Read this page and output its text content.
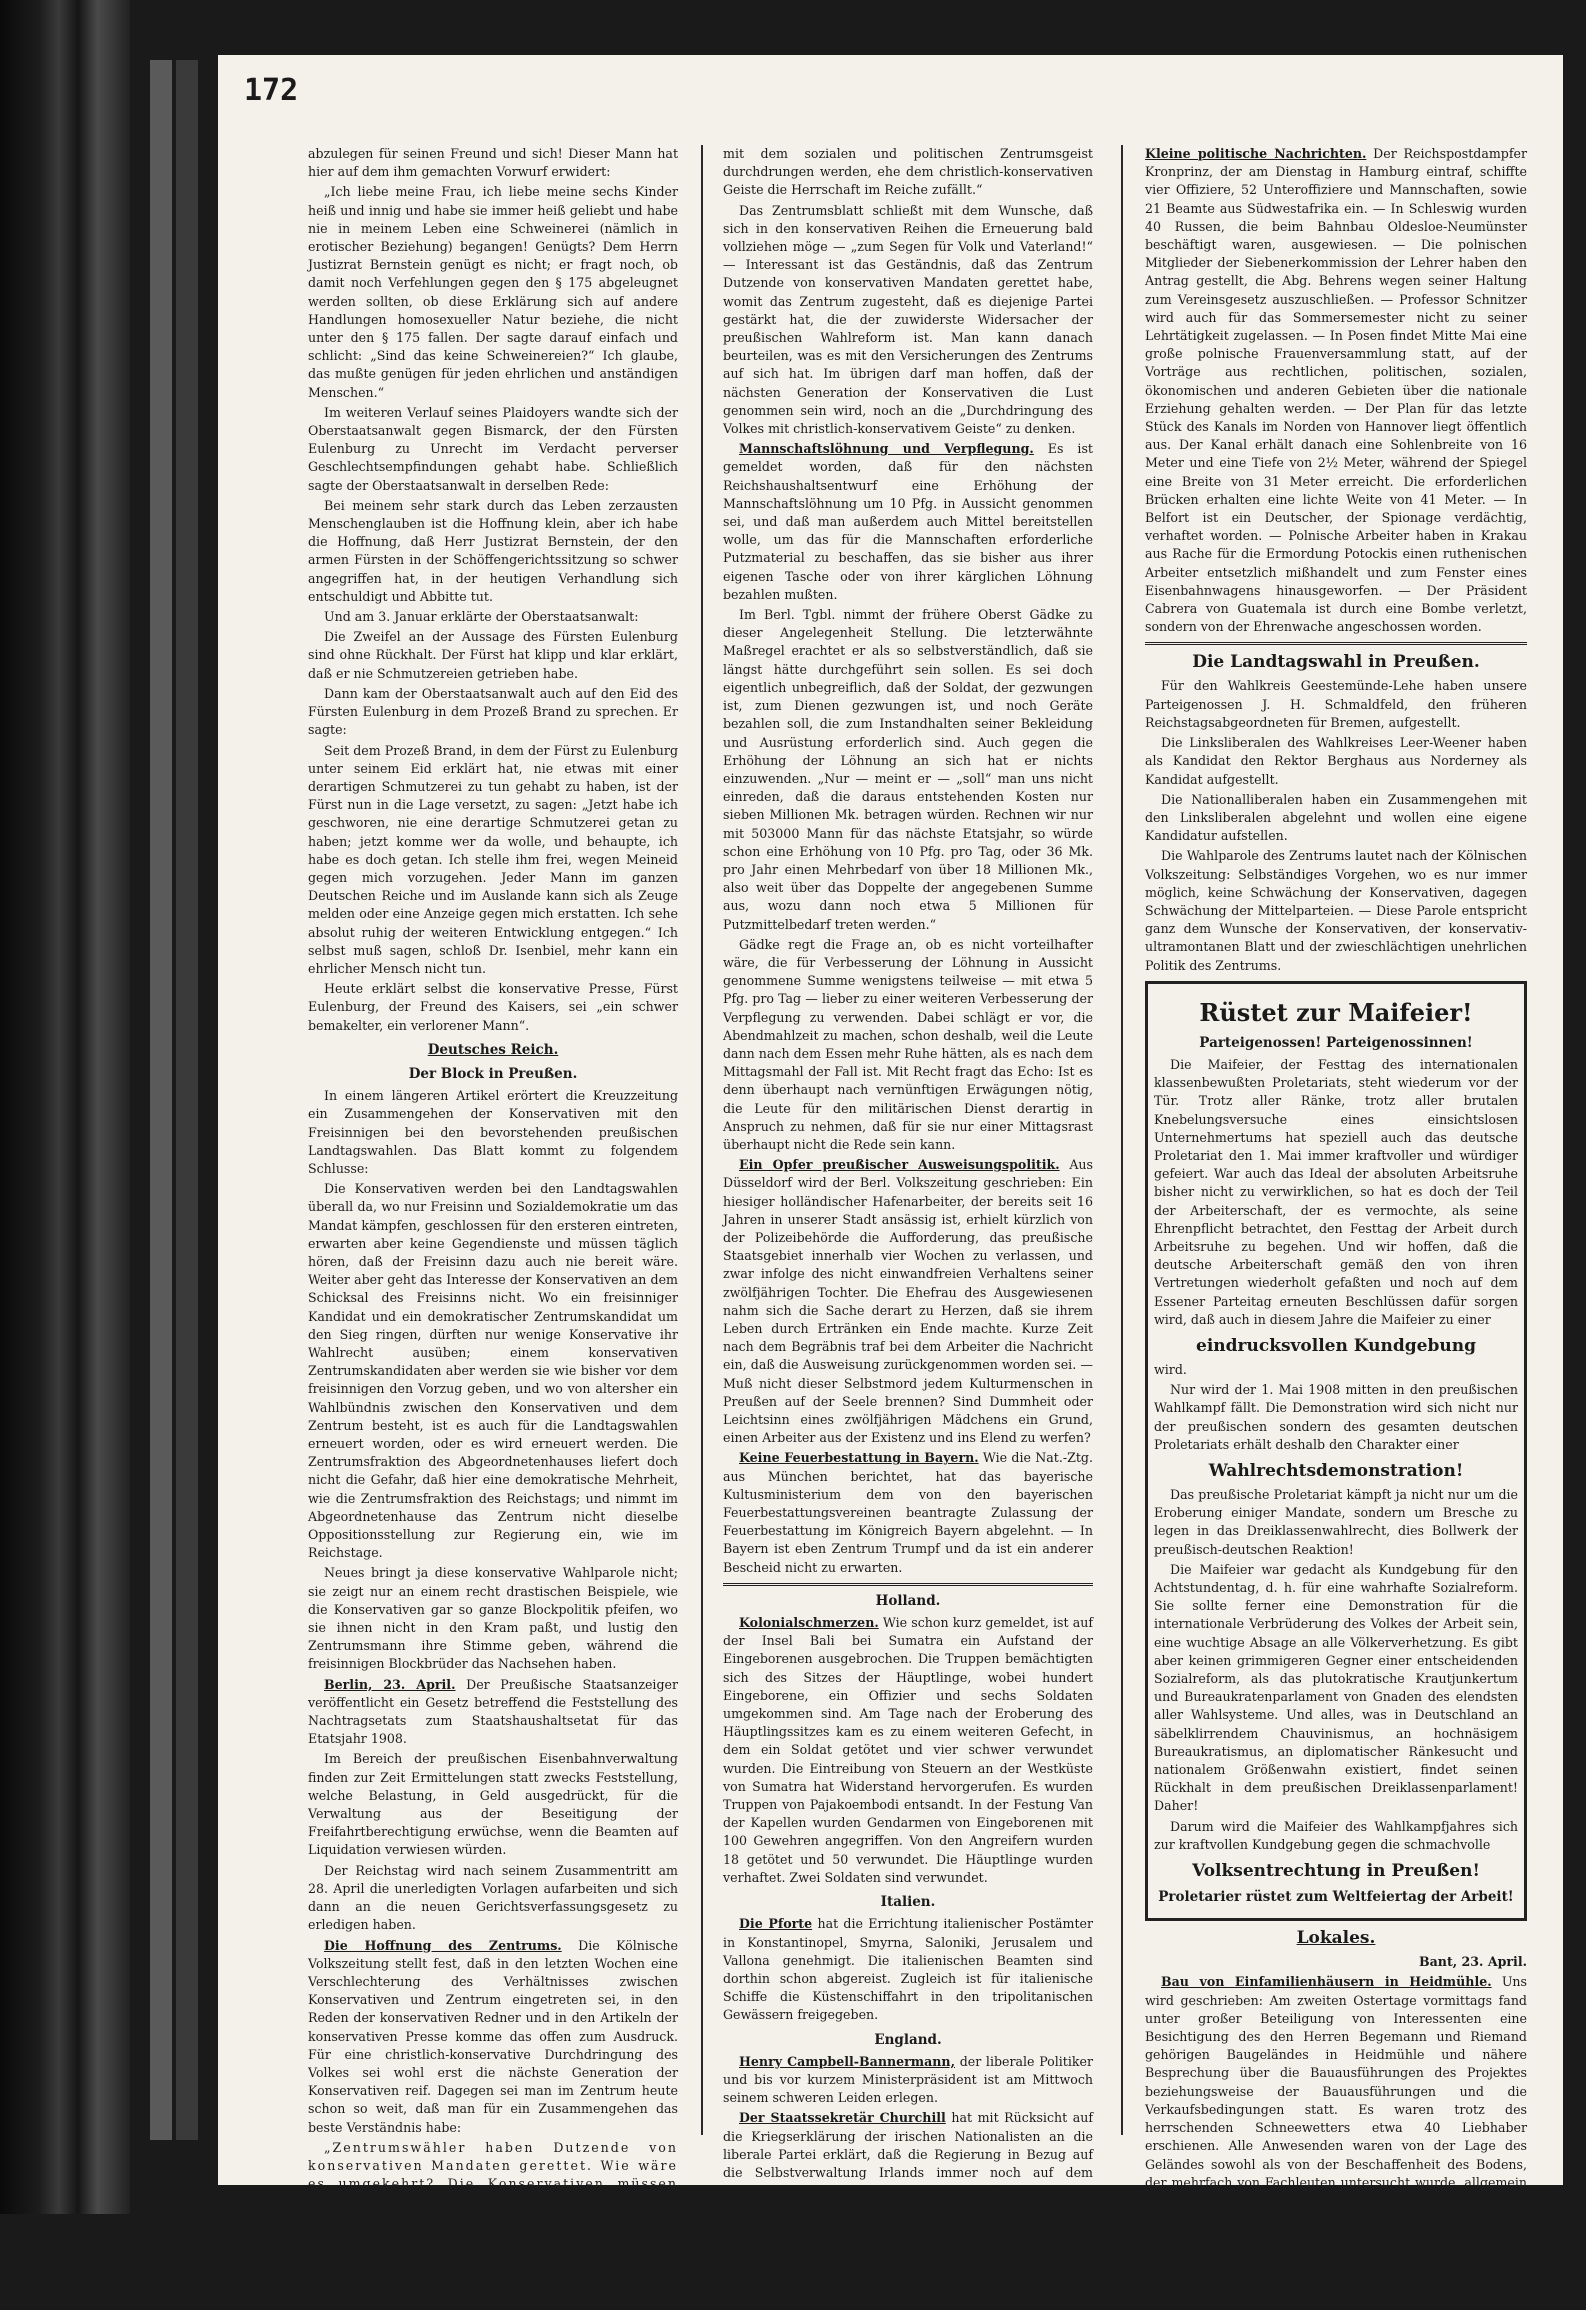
172

abzulegen für seinen Freund und sich! Dieser Mann hat hier auf dem ihm gemachten Vorwurf erwidert:

„Ich liebe meine Frau, ich liebe meine sechs Kinder heiß und innig und habe sie immer heiß geliebt und habe nie in meinem Leben eine Schweinerei (nämlich in erotischer Beziehung) begangen! Genügts? Dem Herrn Justizrat Bernstein genügt es nicht; er fragt noch, ob damit noch Verfehlungen gegen den § 175 abgeleugnet werden sollten, ob diese Erklärung sich auf andere Handlungen homosexueller Natur beziehe, die nicht unter den § 175 fallen. Der sagte darauf einfach und schlicht: „Sind das keine Schweinereien?“ Ich glaube, das mußte genügen für jeden ehrlichen und anständigen Menschen.“

Im weiteren Verlauf seines Plaidoyers wandte sich der Oberstaatsanwalt gegen Bismarck, der den Fürsten Eulenburg zu Unrecht im Verdacht perverser Geschlechtsempfindungen gehabt habe. Schließlich sagte der Oberstaatsanwalt in derselben Rede:

Bei meinem sehr stark durch das Leben zerzausten Menschenglauben ist die Hoffnung klein, aber ich habe die Hoffnung, daß Herr Justizrat Bernstein, der den armen Fürsten in der Schöffengerichtssitzung so schwer angegriffen hat, in der heutigen Verhandlung sich entschuldigt und Abbitte tut.

Und am 3. Januar erklärte der Oberstaatsanwalt:

Die Zweifel an der Aussage des Fürsten Eulenburg sind ohne Rückhalt. Der Fürst hat klipp und klar erklärt, daß er nie Schmutzereien getrieben habe.

Dann kam der Oberstaatsanwalt auch auf den Eid des Fürsten Eulenburg in dem Prozeß Brand zu sprechen. Er sagte:

Seit dem Prozeß Brand, in dem der Fürst zu Eulenburg unter seinem Eid erklärt hat, nie etwas mit einer derartigen Schmutzerei zu tun gehabt zu haben, ist der Fürst nun in die Lage versetzt, zu sagen: „Jetzt habe ich geschworen, nie eine derartige Schmutzerei getan zu haben; jetzt komme wer da wolle, und behaupte, ich habe es doch getan. Ich stelle ihm frei, wegen Meineid gegen mich vorzugehen. Jeder Mann im ganzen Deutschen Reiche und im Auslande kann sich als Zeuge melden oder eine Anzeige gegen mich erstatten. Ich sehe absolut ruhig der weiteren Entwicklung entgegen.“ Ich selbst muß sagen, schloß Dr. Isenbiel, mehr kann ein ehrlicher Mensch nicht tun.

Heute erklärt selbst die konservative Presse, Fürst Eulenburg, der Freund des Kaisers, sei „ein schwer bemakelter, ein verlorener Mann“.

Deutsches Reich.
Der Block in Preußen.

In einem längeren Artikel erörtert die Kreuzzeitung ein Zusammengehen der Konservativen mit den Freisinnigen bei den bevorstehenden preußischen Landtagswahlen. Das Blatt kommt zu folgendem Schlusse:

Die Konservativen werden bei den Landtagswahlen überall da, wo nur Freisinn und Sozialdemokratie um das Mandat kämpfen, geschlossen für den ersteren eintreten, erwarten aber keine Gegendienste und müssen täglich hören, daß der Freisinn dazu auch nie bereit wäre. Weiter aber geht das Interesse der Konservativen an dem Schicksal des Freisinns nicht. Wo ein freisinniger Kandidat und ein demokratischer Zentrumskandidat um den Sieg ringen, dürften nur wenige Konservative ihr Wahlrecht ausüben; einem konservativen Zentrumskandidaten aber werden sie wie bisher vor dem freisinnigen den Vorzug geben, und wo von altersher ein Wahlbündnis zwischen den Konservativen und dem Zentrum besteht, ist es auch für die Landtagswahlen erneuert worden, oder es wird erneuert werden. Die Zentrumsfraktion des Abgeordnetenhauses liefert doch nicht die Gefahr, daß hier eine demokratische Mehrheit, wie die Zentrumsfraktion des Reichstags; und nimmt im Abgeordnetenhause das Zentrum nicht dieselbe Oppositionsstellung zur Regierung ein, wie im Reichstage.

Neues bringt ja diese konservative Wahlparole nicht; sie zeigt nur an einem recht drastischen Beispiele, wie die Konservativen gar so ganze Blockpolitik pfeifen, wo sie ihnen nicht in den Kram paßt, und lustig den Zentrumsmann ihre Stimme geben, während die freisinnigen Blockbrüder das Nachsehen haben.

Berlin, 23. April. Der Preußische Staatsanzeiger veröffentlicht ein Gesetz betreffend die Feststellung des Nachtragsetats zum Staatshaushaltsetat für das Etatsjahr 1908.

Im Bereich der preußischen Eisenbahnverwaltung finden zur Zeit Ermittelungen statt zwecks Feststellung, welche Belastung, in Geld ausgedrückt, für die Verwaltung aus der Beseitigung der Freifahrtberechtigung erwüchse, wenn die Beamten auf Liquidation verwiesen würden.

Der Reichstag wird nach seinem Zusammentritt am 28. April die unerledigten Vorlagen aufarbeiten und sich dann an die neuen Gerichtsverfassungsgesetz zu erledigen haben.

Die Hoffnung des Zentrums. Die Kölnische Volkszeitung stellt fest, daß in den letzten Wochen eine Verschlechterung des Verhältnisses zwischen Konservativen und Zentrum eingetreten sei, in den Reden der konservativen Redner und in den Artikeln der konservativen Presse komme das offen zum Ausdruck. Für eine christlich-konservative Durchdringung des Volkes sei wohl erst die nächste Generation der Konservativen reif. Dagegen sei man im Zentrum heute schon so weit, daß man für ein Zusammengehen das beste Verständnis habe:

„Zentrumswähler haben Dutzende von konservativen Mandaten gerettet. Wie wäre es umgekehrt? Die Konservativen müssen mehr

mit dem sozialen und politischen Zentrumsgeist durchdrungen werden, ehe dem christlich-konservativen Geiste die Herrschaft im Reiche zufällt.“

Das Zentrumsblatt schließt mit dem Wunsche, daß sich in den konservativen Reihen die Erneuerung bald vollziehen möge — „zum Segen für Volk und Vaterland!“ — Interessant ist das Geständnis, daß das Zentrum Dutzende von konservativen Mandaten gerettet habe, womit das Zentrum zugesteht, daß es diejenige Partei gestärkt hat, die der zuwiderste Widersacher der preußischen Wahlreform ist. Man kann danach beurteilen, was es mit den Versicherungen des Zentrums auf sich hat. Im übrigen darf man hoffen, daß der nächsten Generation der Konservativen die Lust genommen sein wird, noch an die „Durchdringung des Volkes mit christlich-konservativem Geiste“ zu denken.

Mannschaftslöhnung und Verpflegung. Es ist gemeldet worden, daß für den nächsten Reichshaushaltsentwurf eine Erhöhung der Mannschaftslöhnung um 10 Pfg. in Aussicht genommen sei, und daß man außerdem auch Mittel bereitstellen wolle, um das für die Mannschaften erforderliche Putzmaterial zu beschaffen, das sie bisher aus ihrer eigenen Tasche oder von ihrer kärglichen Löhnung bezahlen mußten.

Im Berl. Tgbl. nimmt der frühere Oberst Gädke zu dieser Angelegenheit Stellung. Die letzterwähnte Maßregel erachtet er als so selbstverständlich, daß sie längst hätte durchgeführt sein sollen. Es sei doch eigentlich unbegreiflich, daß der Soldat, der gezwungen ist, zum Dienen gezwungen ist, und noch Geräte bezahlen soll, die zum Instandhalten seiner Bekleidung und Ausrüstung erforderlich sind. Auch gegen die Erhöhung der Löhnung an sich hat er nichts einzuwenden. „Nur — meint er — „soll“ man uns nicht einreden, daß die daraus entstehenden Kosten nur sieben Millionen Mk. betragen würden. Rechnen wir nur mit 503000 Mann für das nächste Etatsjahr, so würde schon eine Erhöhung von 10 Pfg. pro Tag, oder 36 Mk. pro Jahr einen Mehrbedarf von über 18 Millionen Mk., also weit über das Doppelte der angegebenen Summe aus, wozu dann noch etwa 5 Millionen für Putzmittelbedarf treten werden.“

Gädke regt die Frage an, ob es nicht vorteilhafter wäre, die für Verbesserung der Löhnung in Aussicht genommene Summe wenigstens teilweise — mit etwa 5 Pfg. pro Tag — lieber zu einer weiteren Verbesserung der Verpflegung zu verwenden. Dabei schlägt er vor, die Abendmahlzeit zu machen, schon deshalb, weil die Leute dann nach dem Essen mehr Ruhe hätten, als es nach dem Mittagsmahl der Fall ist. Mit Recht fragt das Echo: Ist es denn überhaupt nach vernünftigen Erwägungen nötig, die Leute für den militärischen Dienst derartig in Anspruch zu nehmen, daß für sie nur einer Mittagsrast überhaupt nicht die Rede sein kann.

Ein Opfer preußischer Ausweisungspolitik. Aus Düsseldorf wird der Berl. Volkszeitung geschrieben: Ein hiesiger holländischer Hafenarbeiter, der bereits seit 16 Jahren in unserer Stadt ansässig ist, erhielt kürzlich von der Polizeibehörde die Aufforderung, das preußische Staatsgebiet innerhalb vier Wochen zu verlassen, und zwar infolge des nicht einwandfreien Verhaltens seiner zwölfjährigen Tochter. Die Ehefrau des Ausgewiesenen nahm sich die Sache derart zu Herzen, daß sie ihrem Leben durch Ertränken ein Ende machte. Kurze Zeit nach dem Begräbnis traf bei dem Arbeiter die Nachricht ein, daß die Ausweisung zurückgenommen worden sei. — Muß nicht dieser Selbstmord jedem Kulturmenschen in Preußen auf der Seele brennen? Sind Dummheit oder Leichtsinn eines zwölfjährigen Mädchens ein Grund, einen Arbeiter aus der Existenz und ins Elend zu werfen?

Keine Feuerbestattung in Bayern. Wie die Nat.-Ztg. aus München berichtet, hat das bayerische Kultusministerium dem von den bayerischen Feuerbestattungsvereinen beantragte Zulassung der Feuerbestattung im Königreich Bayern abgelehnt. — In Bayern ist eben Zentrum Trumpf und da ist ein anderer Bescheid nicht zu erwarten.

Holland.

Kolonialschmerzen. Wie schon kurz gemeldet, ist auf der Insel Bali bei Sumatra ein Aufstand der Eingeborenen ausgebrochen. Die Truppen bemächtigten sich des Sitzes der Häuptlinge, wobei hundert Eingeborene, ein Offizier und sechs Soldaten umgekommen sind. Am Tage nach der Eroberung des Häuptlingssitzes kam es zu einem weiteren Gefecht, in dem ein Soldat getötet und vier schwer verwundet wurden. Die Eintreibung von Steuern an der Westküste von Sumatra hat Widerstand hervorgerufen. Es wurden Truppen von Pajakoembodi entsandt. In der Festung Van der Kapellen wurden Gendarmen von Eingeborenen mit 100 Gewehren angegriffen. Von den Angreifern wurden 18 getötet und 50 verwundet. Die Häuptlinge wurden verhaftet. Zwei Soldaten sind verwundet.

Italien.

Die Pforte hat die Errichtung italienischer Postämter in Konstantinopel, Smyrna, Saloniki, Jerusalem und Vallona genehmigt. Die italienischen Beamten sind dorthin schon abgereist. Zugleich ist für italienische Schiffe die Küstenschiffahrt in den tripolitanischen Gewässern freigegeben.

England.

Henry Campbell-Bannermann, der liberale Politiker und bis vor kurzem Ministerpräsident ist am Mittwoch seinem schweren Leiden erlegen.

Der Staatssekretär Churchill hat mit Rücksicht auf die Kriegserklärung der irischen Nationalisten an die liberale Partei erklärt, daß die Regierung in Bezug auf die Selbstverwaltung Irlands immer noch auf dem liberalen entgegenkommenden Standpunkt stehe und daß man sie kaum bedrängen werde. Daraufhin hat Redmond, der Führer der Nationalisten, seine Parteigenossen in Manchester angewiesen, für Churchill, der sich dort einer Neuwahl unterziehen muß, zu stimmen. Die Aufregung über den Wahlausgang ist im Wachsen.

Kleine politische Nachrichten. Der Reichspostdampfer Kronprinz, der am Dienstag in Hamburg eintraf, schiffte vier Offiziere, 52 Unteroffiziere und Mannschaften, sowie 21 Beamte aus Südwestafrika ein. — In Schleswig wurden 40 Russen, die beim Bahnbau Oldesloe-Neumünster beschäftigt waren, ausgewiesen. — Die polnischen Mitglieder der Siebenerkommission der Lehrer haben den Antrag gestellt, die Abg. Behrens wegen seiner Haltung zum Vereinsgesetz auszuschließen. — Professor Schnitzer wird auch für das Sommersemester nicht zu seiner Lehrtätigkeit zugelassen. — In Posen findet Mitte Mai eine große polnische Frauenversammlung statt, auf der Vorträge aus rechtlichen, politischen, sozialen, ökonomischen und anderen Gebieten über die nationale Erziehung gehalten werden. — Der Plan für das letzte Stück des Kanals im Norden von Hannover liegt öffentlich aus. Der Kanal erhält danach eine Sohlenbreite von 16 Meter und eine Tiefe von 2½ Meter, während der Spiegel eine Breite von 31 Meter erreicht. Die erforderlichen Brücken erhalten eine lichte Weite von 41 Meter. — In Belfort ist ein Deutscher, der Spionage verdächtig, verhaftet worden. — Polnische Arbeiter haben in Krakau aus Rache für die Ermordung Potockis einen ruthenischen Arbeiter entsetzlich mißhandelt und zum Fenster eines Eisenbahnwagens hinausgeworfen. — Der Präsident Cabrera von Guatemala ist durch eine Bombe verletzt, sondern von der Ehrenwache angeschossen worden.

Die Landtagswahl in Preußen.

Für den Wahlkreis Geestemünde-Lehe haben unsere Parteigenossen J. H. Schmaldfeld, den früheren Reichstagsabgeordneten für Bremen, aufgestellt.

Die Linksliberalen des Wahlkreises Leer-Weener haben als Kandidat den Rektor Berghaus aus Norderney als Kandidat aufgestellt.

Die Nationalliberalen haben ein Zusammengehen mit den Linksliberalen abgelehnt und wollen eine eigene Kandidatur aufstellen.

Die Wahlparole des Zentrums lautet nach der Kölnischen Volkszeitung: Selbständiges Vorgehen, wo es nur immer möglich, keine Schwächung der Konservativen, dagegen Schwächung der Mittelparteien. — Diese Parole entspricht ganz dem Wunsche der Konservativen, der konservativ-ultramontanen Blatt und der zwieschlächtigen unehrlichen Politik des Zentrums.

Rüstet zur Maifeier!
Parteigenossen! Parteigenossinnen!

Die Maifeier, der Festtag des internationalen klassenbewußten Proletariats, steht wiederum vor der Tür. Trotz aller Ränke, trotz aller brutalen Knebelungsversuche eines einsichtslosen Unternehmertums hat speziell auch das deutsche Proletariat den 1. Mai immer kraftvoller und würdiger gefeiert. War auch das Ideal der absoluten Arbeitsruhe bisher nicht zu verwirklichen, so hat es doch der Teil der Arbeiterschaft, der es vermochte, als seine Ehrenpflicht betrachtet, den Festtag der Arbeit durch Arbeitsruhe zu begehen. Und wir hoffen, daß die deutsche Arbeiterschaft gemäß den von ihren Vertretungen wiederholt gefaßten und noch auf dem Essener Parteitag erneuten Beschlüssen dafür sorgen wird, daß auch in diesem Jahre die Maifeier zu einer

eindrucksvollen Kundgebung

wird.

Nur wird der 1. Mai 1908 mitten in den preußischen Wahlkampf fällt. Die Demonstration wird sich nicht nur der preußischen sondern des gesamten deutschen Proletariats erhält deshalb den Charakter einer

Wahlrechtsdemonstration!

Das preußische Proletariat kämpft ja nicht nur um die Eroberung einiger Mandate, sondern um Bresche zu legen in das Dreiklassenwahlrecht, dies Bollwerk der preußisch-deutschen Reaktion!

Die Maifeier war gedacht als Kundgebung für den Achtstundentag, d. h. für eine wahrhafte Sozialreform. Sie sollte ferner eine Demonstration für die internationale Verbrüderung des Volkes der Arbeit sein, eine wuchtige Absage an alle Völkerverhetzung. Es gibt aber keinen grimmigeren Gegner einer entscheidenden Sozialreform, als das plutokratische Krautjunkertum und Bureaukratenparlament von Gnaden des elendsten aller Wahlsysteme. Und alles, was in Deutschland an säbelklirrendem Chauvinismus, an hochnäsigem Bureaukratismus, an diplomatischer Ränkesucht und nationalem Größenwahn existiert, findet seinen Rückhalt in dem preußischen Dreiklassenparlament! Daher!

Darum wird die Maifeier des Wahlkampfjahres sich zur kraftvollen Kundgebung gegen die schmachvolle

Volksentrechtung in Preußen!
Proletarier rüstet zum Weltfeiertag der Arbeit!
Lokales.

Bant, 23. April.

Bau von Einfamilienhäusern in Heidmühle. Uns wird geschrieben: Am zweiten Ostertage vormittags fand unter großer Beteiligung von Interessenten eine Besichtigung des den Herren Begemann und Riemand gehörigen Baugeländes in Heidmühle und nähere Besprechung über die Bauausführungen des Projektes beziehungsweise der Bauausführungen und die Verkaufsbedingungen statt. Es waren trotz des herrschenden Schneewetters etwa 40 Liebhaber erschienen. Alle Anwesenden waren von der Lage des Geländes sowohl als von der Beschaffenheit des Bodens, der mehrfach von Fachleuten untersucht wurde, allgemein befriedigt. Die Bauplätze liegen etwa 300 Meter vom Bahnhof Heidmühle
